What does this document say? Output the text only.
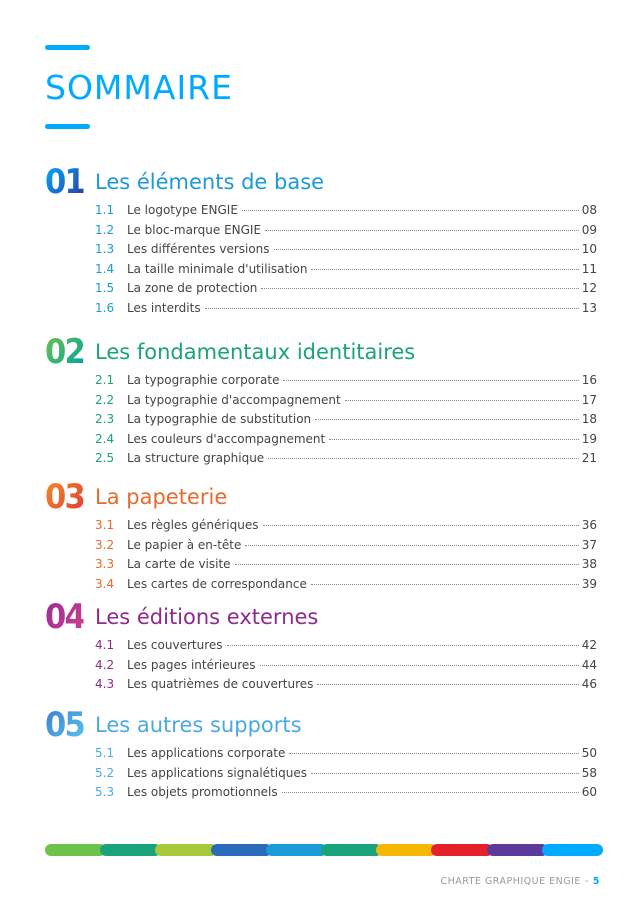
SOMMAIRE
01 Les éléments de base
1.1	Le logotype ENGIE	08
1.2	Le bloc-marque ENGIE	09
1.3	Les différentes versions	10
1.4	La taille minimale d'utilisation	11
1.5	La zone de protection	12
1.6	Les interdits	13
02 Les fondamentaux identitaires
2.1	La typographie corporate	16
2.2	La typographie d'accompagnement	17
2.3	La typographie de substitution	18
2.4	Les couleurs d'accompagnement	19
2.5	La structure graphique	21
03 La papeterie
3.1	Les règles génériques	36
3.2	Le papier à en-tête	37
3.3	La carte de visite	38
3.4	Les cartes de correspondance	39
04 Les éditions externes
4.1	Les couvertures	42
4.2	Les pages intérieures	44
4.3	Les quatrièmes de couvertures	46
05 Les autres supports
5.1	Les applications corporate	50
5.2	Les applications signalétiques	58
5.3	Les objets promotionnels	60
CHARTE GRAPHIQUE ENGIE - 5
